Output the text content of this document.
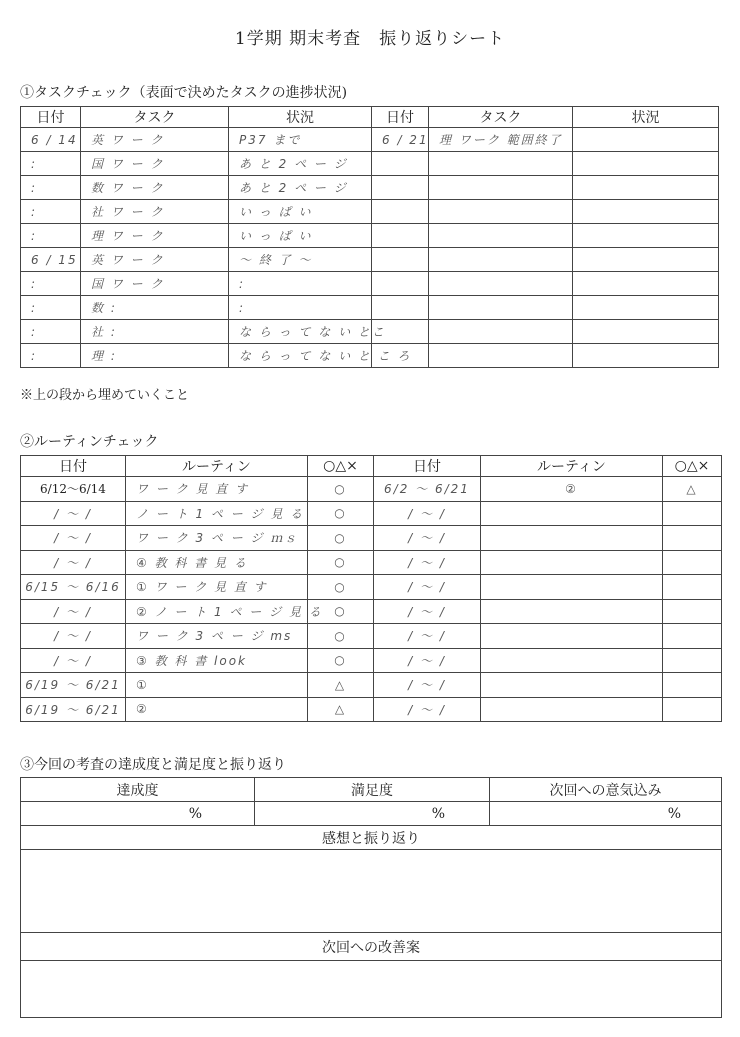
1学期 期末考査　振り返りシート
①タスクチェック（表面で決めたタスクの進捗状況)
日付	タスク	状況	日付	タスク	状況
6 / 14	英 ワ ー ク	P37 まで	6 / 21	理 ワーク 範囲終了	
:	国 ワ ー ク	あ と 2 ペ ー ジ			
:	数 ワ ー ク	あ と 2 ペ ー ジ			
:	社 ワ ー ク	い っ ぱ い			
:	理 ワ ー ク	い っ ぱ い			
6 / 15	英 ワ ー ク	～ 終 了 ～			
:	国 ワ ー ク	:			
:	数 :	:			
:	社 :	な ら っ て な い とこ			
:	理 :	な ら っ て な い と こ ろ			
※上の段から埋めていくこと
②ルーティンチェック
日付	ルーティン	○△×	日付	ルーティン	○△×
6/12～6/14	ワ ー ク 見 直 す	○	6/2 ～ 6/21	②	△
/ ～ /	ノ ー ト 1 ペ ー ジ 見 る	○	/ ～ /		
/ ～ /	ワ ー ク 3 ペ ー ジ ｍｓ	○	/ ～ /		
/ ～ /	④ 教 科 書 見 る	○	/ ～ /		
6/15 ～ 6/16	① ワ ー ク 見 直 す	○	/ ～ /		
/ ～ /	② ノ ー ト 1 ペ ー ジ 見 る	○	/ ～ /		
/ ～ /	ワ ー ク 3 ペ ー ジ ms	○	/ ～ /		
/ ～ /	③ 教 科 書 look	○	/ ～ /		
6/19 ～ 6/21	①	△	/ ～ /		
6/19 ～ 6/21	②	△	/ ～ /		
③今回の考査の達成度と満足度と振り返り
達成度	満足度	次回への意気込み
%	%	%
感想と振り返り		

次回への改善案		
